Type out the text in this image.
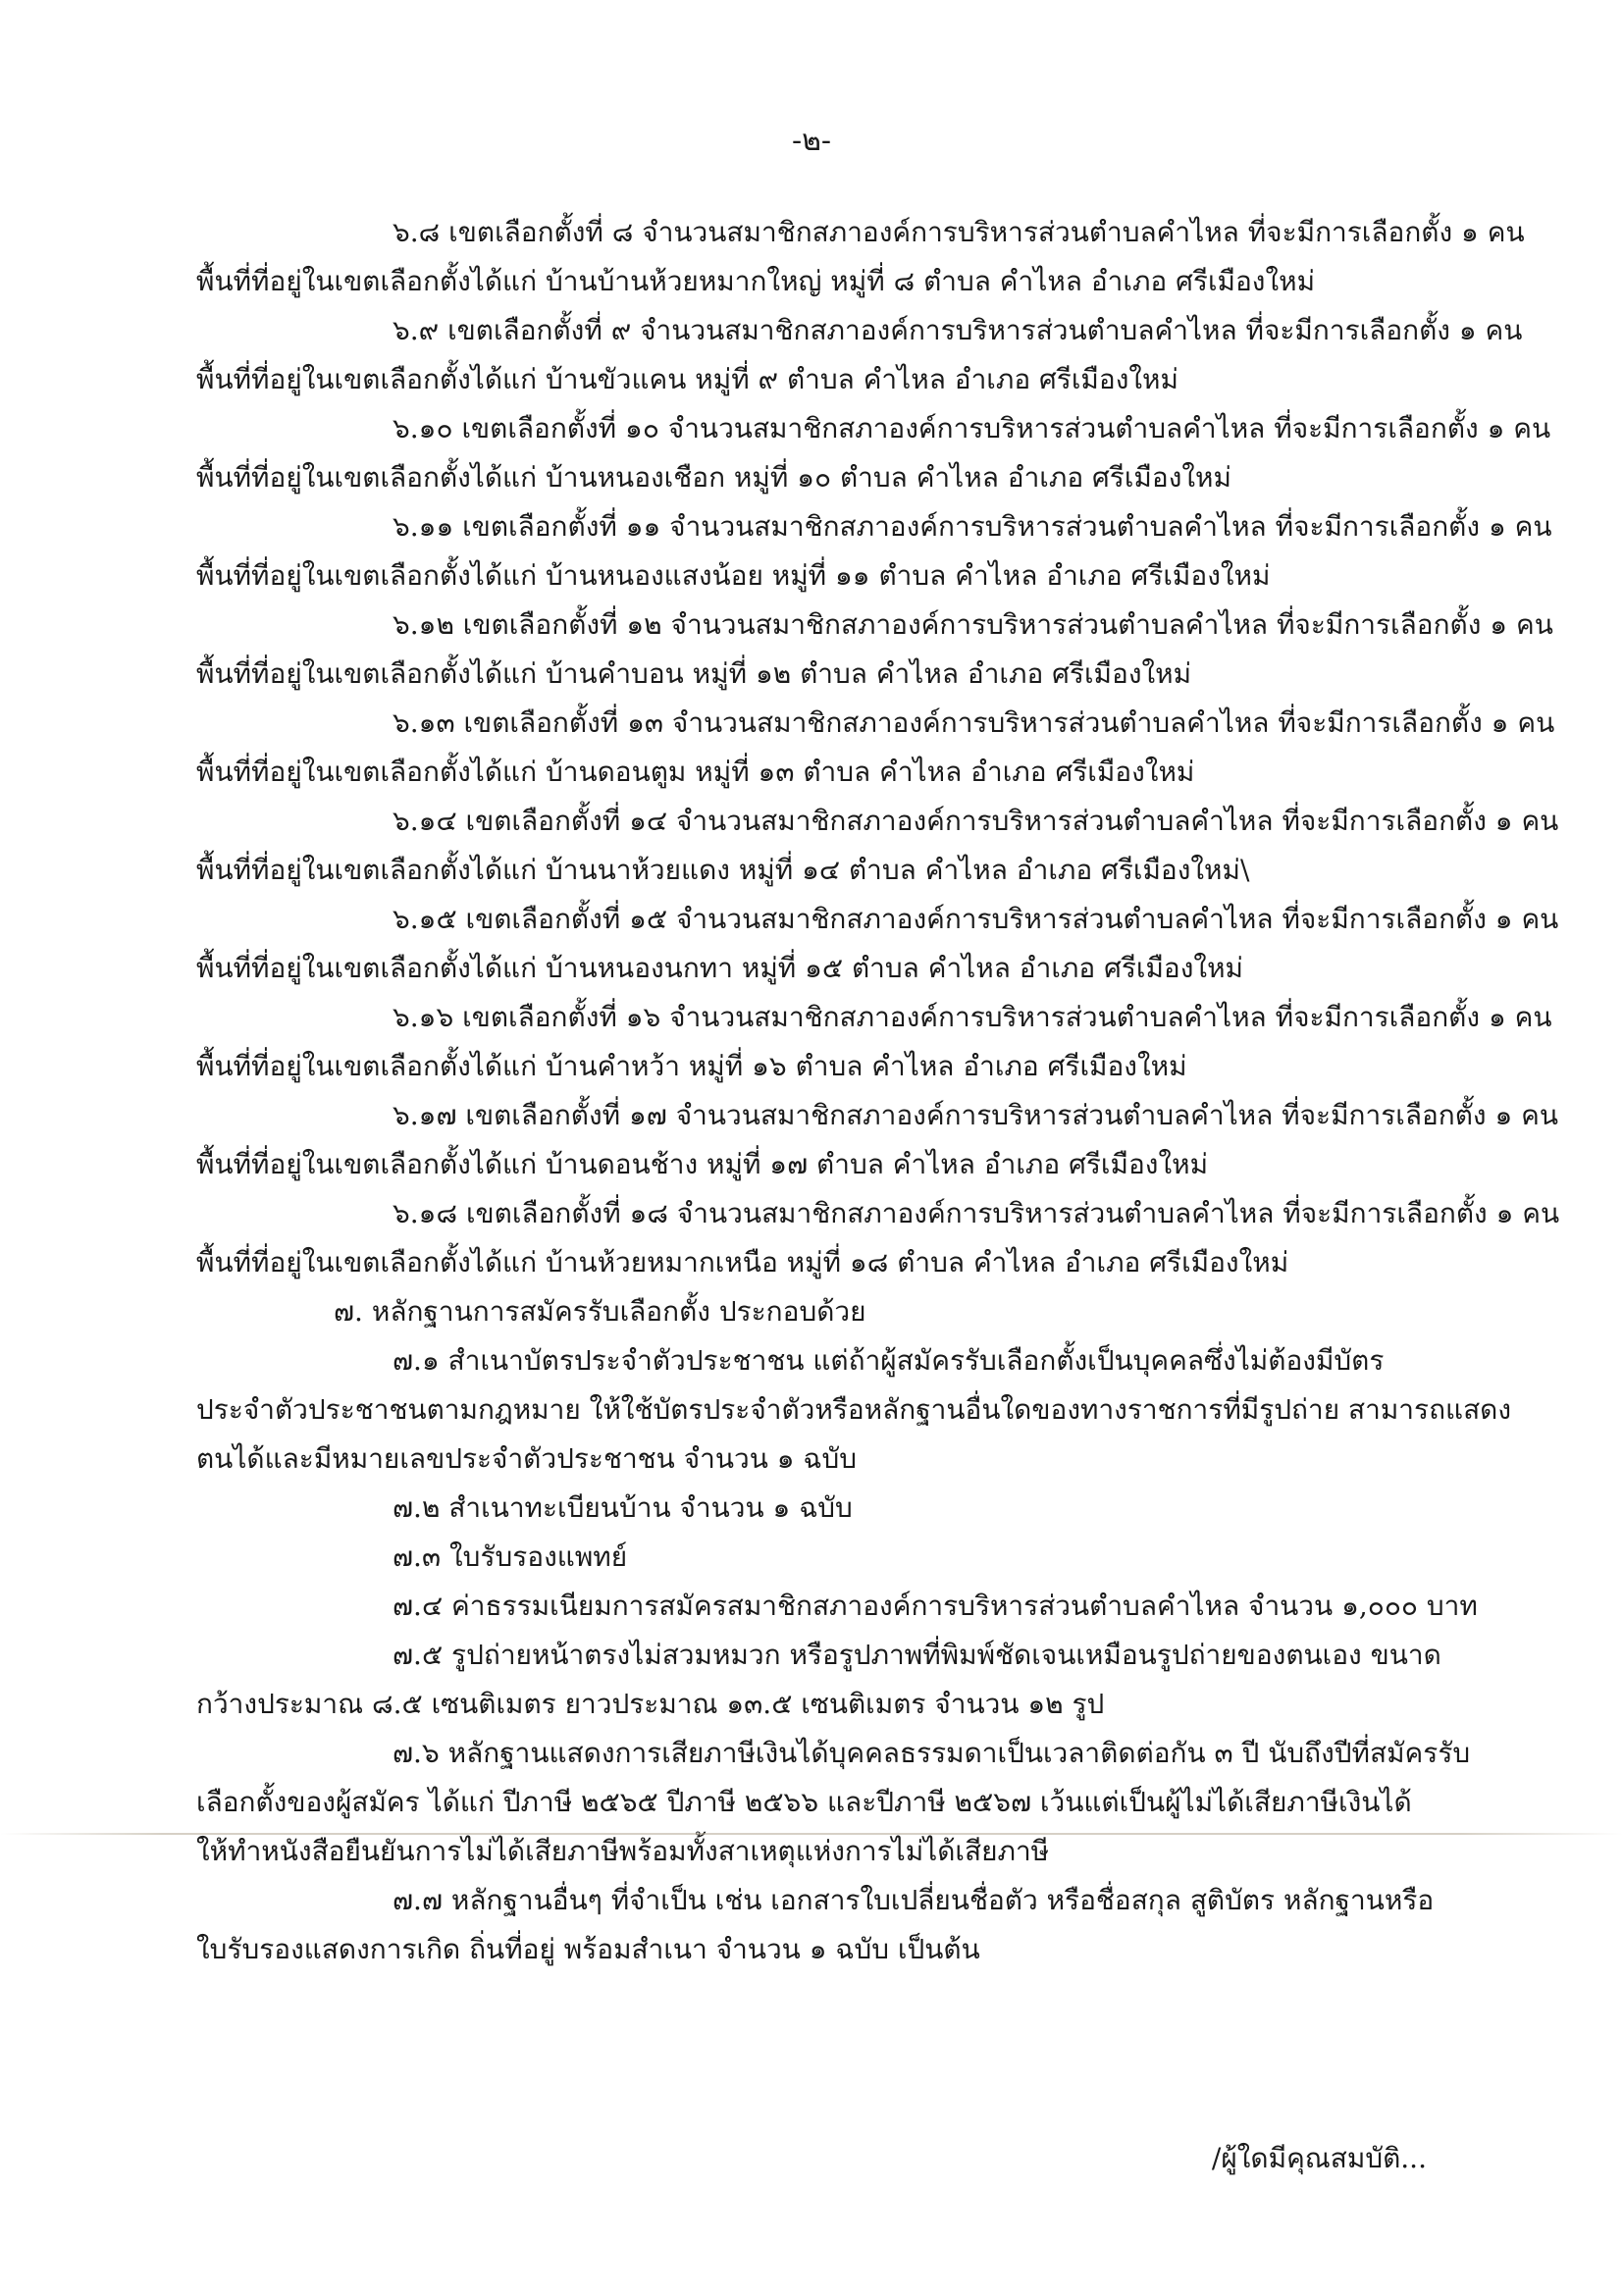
-๒-
๖.๘ เขตเลือกตั้งที่ ๘ จำนวนสมาชิกสภาองค์การบริหารส่วนตำบลคำไหล ที่จะมีการเลือกตั้ง ๑ คน
พื้นที่ที่อยู่ในเขตเลือกตั้งได้แก่ บ้านบ้านห้วยหมากใหญ่ หมู่ที่ ๘ ตำบล คำไหล อำเภอ ศรีเมืองใหม่
๖.๙ เขตเลือกตั้งที่ ๙ จำนวนสมาชิกสภาองค์การบริหารส่วนตำบลคำไหล ที่จะมีการเลือกตั้ง ๑ คน
พื้นที่ที่อยู่ในเขตเลือกตั้งได้แก่ บ้านขัวแคน หมู่ที่ ๙ ตำบล คำไหล อำเภอ ศรีเมืองใหม่
๖.๑๐ เขตเลือกตั้งที่ ๑๐ จำนวนสมาชิกสภาองค์การบริหารส่วนตำบลคำไหล ที่จะมีการเลือกตั้ง ๑ คน
พื้นที่ที่อยู่ในเขตเลือกตั้งได้แก่ บ้านหนองเชือก หมู่ที่ ๑๐ ตำบล คำไหล อำเภอ ศรีเมืองใหม่
๖.๑๑ เขตเลือกตั้งที่ ๑๑ จำนวนสมาชิกสภาองค์การบริหารส่วนตำบลคำไหล ที่จะมีการเลือกตั้ง ๑ คน
พื้นที่ที่อยู่ในเขตเลือกตั้งได้แก่ บ้านหนองแสงน้อย หมู่ที่ ๑๑ ตำบล คำไหล อำเภอ ศรีเมืองใหม่
๖.๑๒ เขตเลือกตั้งที่ ๑๒ จำนวนสมาชิกสภาองค์การบริหารส่วนตำบลคำไหล ที่จะมีการเลือกตั้ง ๑ คน
พื้นที่ที่อยู่ในเขตเลือกตั้งได้แก่ บ้านคำบอน หมู่ที่ ๑๒ ตำบล คำไหล อำเภอ ศรีเมืองใหม่
๖.๑๓ เขตเลือกตั้งที่ ๑๓ จำนวนสมาชิกสภาองค์การบริหารส่วนตำบลคำไหล ที่จะมีการเลือกตั้ง ๑ คน
พื้นที่ที่อยู่ในเขตเลือกตั้งได้แก่ บ้านดอนตูม หมู่ที่ ๑๓ ตำบล คำไหล อำเภอ ศรีเมืองใหม่
๖.๑๔ เขตเลือกตั้งที่ ๑๔ จำนวนสมาชิกสภาองค์การบริหารส่วนตำบลคำไหล ที่จะมีการเลือกตั้ง ๑ คน
พื้นที่ที่อยู่ในเขตเลือกตั้งได้แก่ บ้านนาห้วยแดง หมู่ที่ ๑๔ ตำบล คำไหล อำเภอ ศรีเมืองใหม่\
๖.๑๕ เขตเลือกตั้งที่ ๑๕ จำนวนสมาชิกสภาองค์การบริหารส่วนตำบลคำไหล ที่จะมีการเลือกตั้ง ๑ คน
พื้นที่ที่อยู่ในเขตเลือกตั้งได้แก่ บ้านหนองนกทา หมู่ที่ ๑๕ ตำบล คำไหล อำเภอ ศรีเมืองใหม่
๖.๑๖ เขตเลือกตั้งที่ ๑๖ จำนวนสมาชิกสภาองค์การบริหารส่วนตำบลคำไหล ที่จะมีการเลือกตั้ง ๑ คน
พื้นที่ที่อยู่ในเขตเลือกตั้งได้แก่ บ้านคำหว้า หมู่ที่ ๑๖ ตำบล คำไหล อำเภอ ศรีเมืองใหม่
๖.๑๗ เขตเลือกตั้งที่ ๑๗ จำนวนสมาชิกสภาองค์การบริหารส่วนตำบลคำไหล ที่จะมีการเลือกตั้ง ๑ คน
พื้นที่ที่อยู่ในเขตเลือกตั้งได้แก่ บ้านดอนช้าง หมู่ที่ ๑๗ ตำบล คำไหล อำเภอ ศรีเมืองใหม่
๖.๑๘ เขตเลือกตั้งที่ ๑๘ จำนวนสมาชิกสภาองค์การบริหารส่วนตำบลคำไหล ที่จะมีการเลือกตั้ง ๑ คน
พื้นที่ที่อยู่ในเขตเลือกตั้งได้แก่ บ้านห้วยหมากเหนือ หมู่ที่ ๑๘ ตำบล คำไหล อำเภอ ศรีเมืองใหม่
๗. หลักฐานการสมัครรับเลือกตั้ง ประกอบด้วย
๗.๑ สำเนาบัตรประจำตัวประชาชน แต่ถ้าผู้สมัครรับเลือกตั้งเป็นบุคคลซึ่งไม่ต้องมีบัตร
ประจำตัวประชาชนตามกฎหมาย ให้ใช้บัตรประจำตัวหรือหลักฐานอื่นใดของทางราชการที่มีรูปถ่าย สามารถแสดง
ตนได้และมีหมายเลขประจำตัวประชาชน จำนวน ๑ ฉบับ
๗.๒ สำเนาทะเบียนบ้าน จำนวน ๑ ฉบับ
๗.๓ ใบรับรองแพทย์
๗.๔ ค่าธรรมเนียมการสมัครสมาชิกสภาองค์การบริหารส่วนตำบลคำไหล จำนวน ๑,๐๐๐ บาท
๗.๕ รูปถ่ายหน้าตรงไม่สวมหมวก หรือรูปภาพที่พิมพ์ชัดเจนเหมือนรูปถ่ายของตนเอง ขนาด
กว้างประมาณ ๘.๕ เซนติเมตร ยาวประมาณ ๑๓.๕ เซนติเมตร จำนวน ๑๒ รูป
๗.๖ หลักฐานแสดงการเสียภาษีเงินได้บุคคลธรรมดาเป็นเวลาติดต่อกัน ๓ ปี นับถึงปีที่สมัครรับ
เลือกตั้งของผู้สมัคร ได้แก่ ปีภาษี ๒๕๖๕ ปีภาษี ๒๕๖๖ และปีภาษี ๒๕๖๗ เว้นแต่เป็นผู้ไม่ได้เสียภาษีเงินได้
ให้ทำหนังสือยืนยันการไม่ได้เสียภาษีพร้อมทั้งสาเหตุแห่งการไม่ได้เสียภาษี
๗.๗ หลักฐานอื่นๆ ที่จำเป็น เช่น เอกสารใบเปลี่ยนชื่อตัว หรือชื่อสกุล สูติบัตร หลักฐานหรือ
ใบรับรองแสดงการเกิด ถิ่นที่อยู่ พร้อมสำเนา จำนวน ๑ ฉบับ เป็นต้น
/ผู้ใดมีคุณสมบัติ...
